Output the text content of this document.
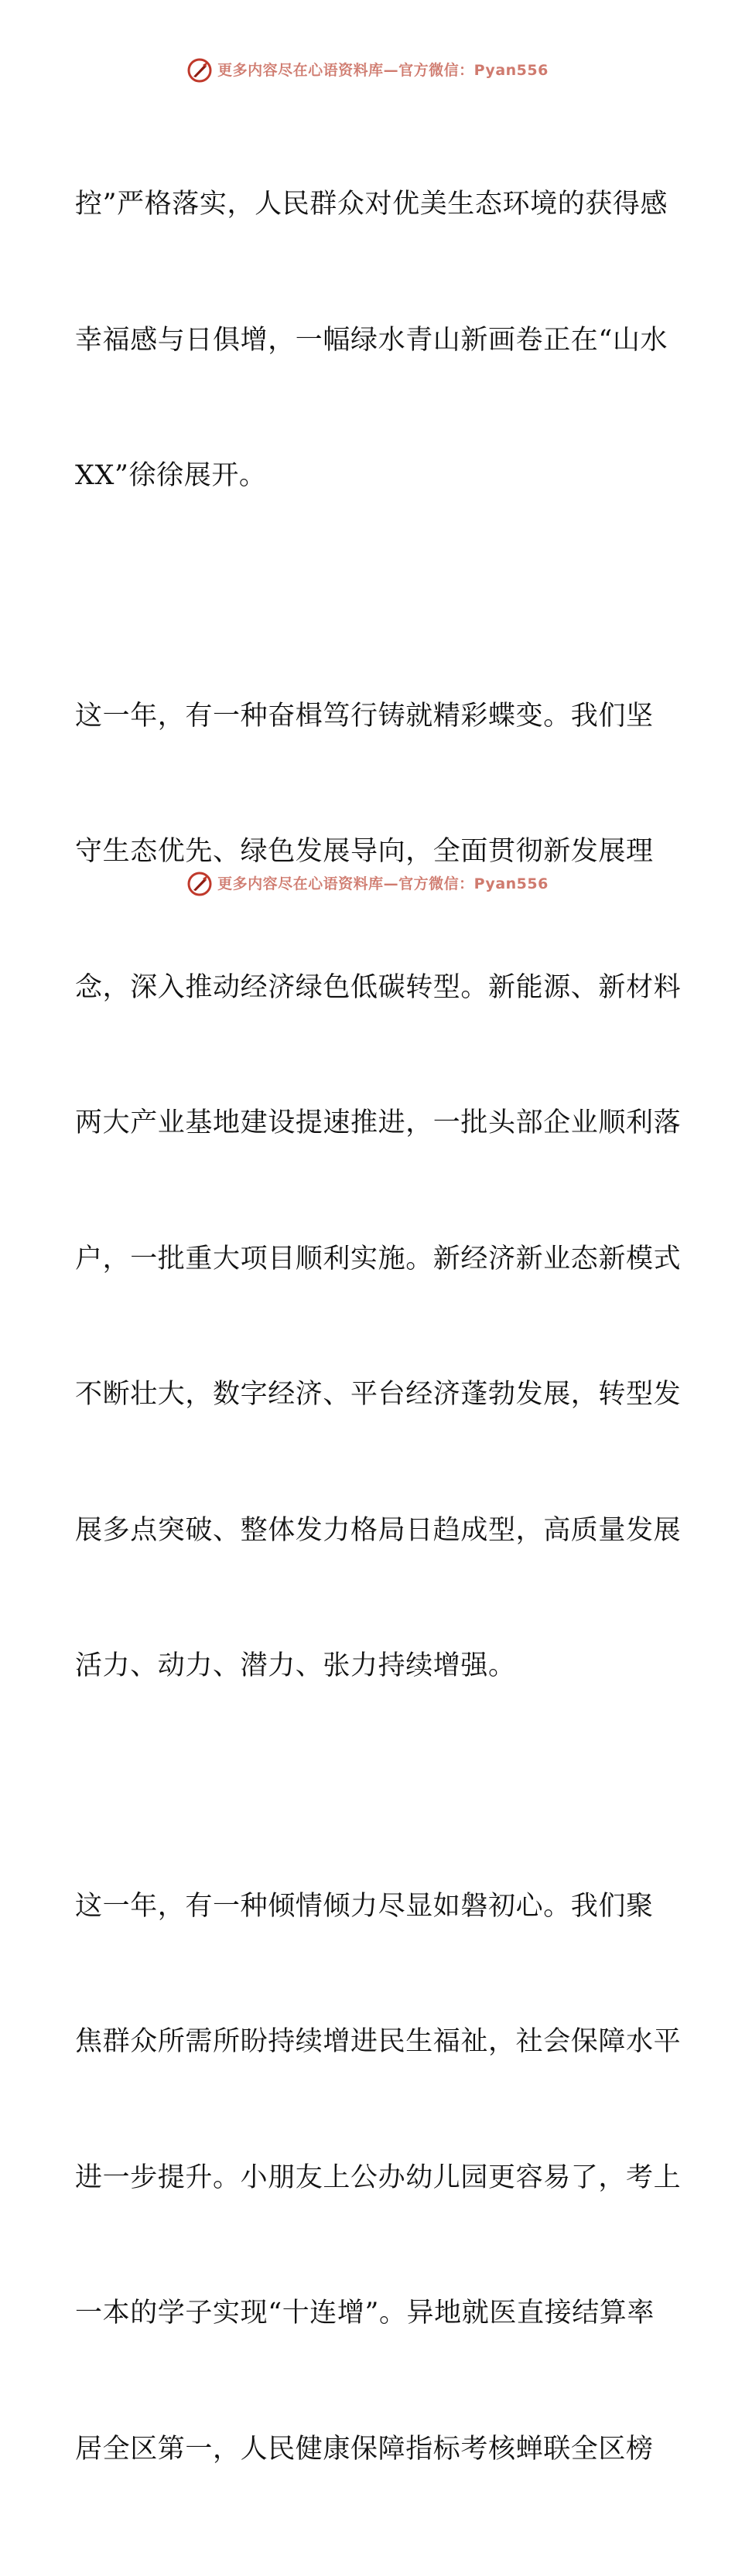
更多内容尽在心语资料库—官方微信：Pyan556

控”严格落实，人民群众对优美生态环境的获得感

幸福感与日俱增，一幅绿水青山新画卷正在“山水

XX”徐徐展开。

这一年，有一种奋楫笃行铸就精彩蝶变。我们坚

守生态优先、绿色发展导向，全面贯彻新发展理

念，深入推动经济绿色低碳转型。新能源、新材料

两大产业基地建设提速推进，一批头部企业顺利落

户，一批重大项目顺利实施。新经济新业态新模式

不断壮大，数字经济、平台经济蓬勃发展，转型发

展多点突破、整体发力格局日趋成型，高质量发展

活力、动力、潜力、张力持续增强。

这一年，有一种倾情倾力尽显如磐初心。我们聚

焦群众所需所盼持续增进民生福祉，社会保障水平

进一步提升。小朋友上公办幼儿园更容易了，考上

一本的学子实现“十连增”。异地就医直接结算率

居全区第一，人民健康保障指标考核蝉联全区榜

更多内容尽在心语资料库—官方微信：Pyan556
